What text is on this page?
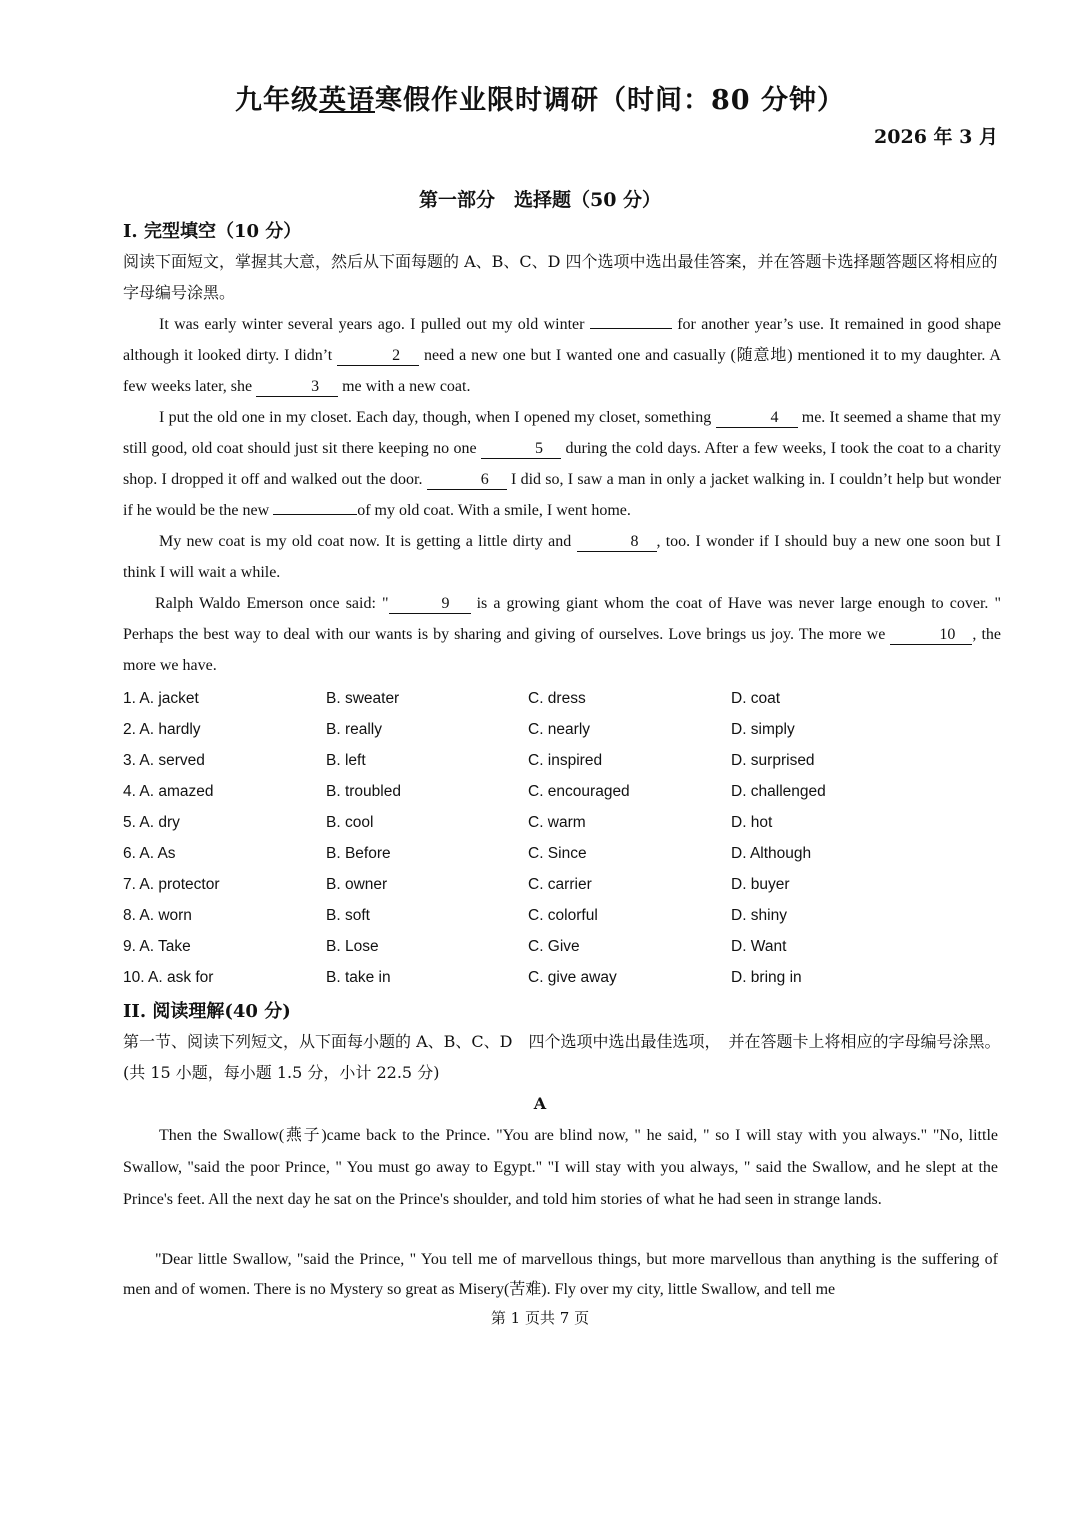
九年级英语寒假作业限时调研（时间：80 分钟）
2026 年 3 月
第一部分　选择题（50 分）
I. 完型填空（10 分）
阅读下面短文，掌握其大意，然后从下面每题的 A、B、C、D 四个选项中选出最佳答案，并在答题卡选择题答题区将相应的字母编号涂黑。
It was early winter several years ago. I pulled out my old winter	for another year’s use. It remained in good shape although it looked dirty. I didn’t	2 need a new one but I wanted one and casually (随意地) mentioned it to my daughter. A few weeks later, she	3 me with a new coat.
I put the old one in my closet. Each day, though, when I opened my closet, something	4 me. It seemed a shame that my still good, old coat should just sit there keeping no one	5 during the cold days. After a few weeks, I took the coat to a charity shop. I dropped it off and walked out the door.	6 I did so, I saw a man in only a jacket walking in. I couldn’t help but wonder if he would be the new	of my old coat. With a smile, I went home.
My new coat is my old coat now. It is getting a little dirty and	8 , too. I wonder if I should buy a new one soon but I think I will wait a while.
Ralph Waldo Emerson once said: "	9 is a growing giant whom the coat of Have was never large enough to cover. " Perhaps the best way to deal with our wants is by sharing and giving of ourselves. Love brings us joy. The more we	10 , the more we have.
1. A. jacket	B. sweater	C. dress	D. coat
2. A. hardly	B. really	C. nearly	D. simply
3. A. served	B. left	C. inspired	D. surprised
4. A. amazed	B. troubled	C. encouraged	D. challenged
5. A. dry	B. cool	C. warm	D. hot
6. A. As	B. Before	C. Since	D. Although
7. A. protector	B. owner	C. carrier	D. buyer
8. A. worn	B. soft	C. colorful	D. shiny
9. A. Take	B. Lose	C. Give	D. Want
10. A. ask for	B. take in	C. give away	D. bring in
II. 阅读理解(40 分)
第一节、阅读下列短文，从下面每小题的 A、B、C、D　四个选项中选出最佳选项，　并在答题卡上将相应的字母编号涂黑。(共 15 小题，每小题 1.5 分，小计 22.5 分)
A
Then the Swallow(燕子)came back to the Prince. "You are blind now, " he said, " so I will stay with you always." "No, little Swallow, "said the poor Prince, " You must go away to Egypt." "I will stay with you always, " said the Swallow, and he slept at the Prince's feet. All the next day he sat on the Prince's shoulder, and told him stories of what he had seen in strange lands.
"Dear little Swallow, "said the Prince, " You tell me of marvellous things, but more marvellous than anything is the suffering of men and of women. There is no Mystery so great as Misery(苦难). Fly over my city, little Swallow, and tell me
第 1 页共 7 页
